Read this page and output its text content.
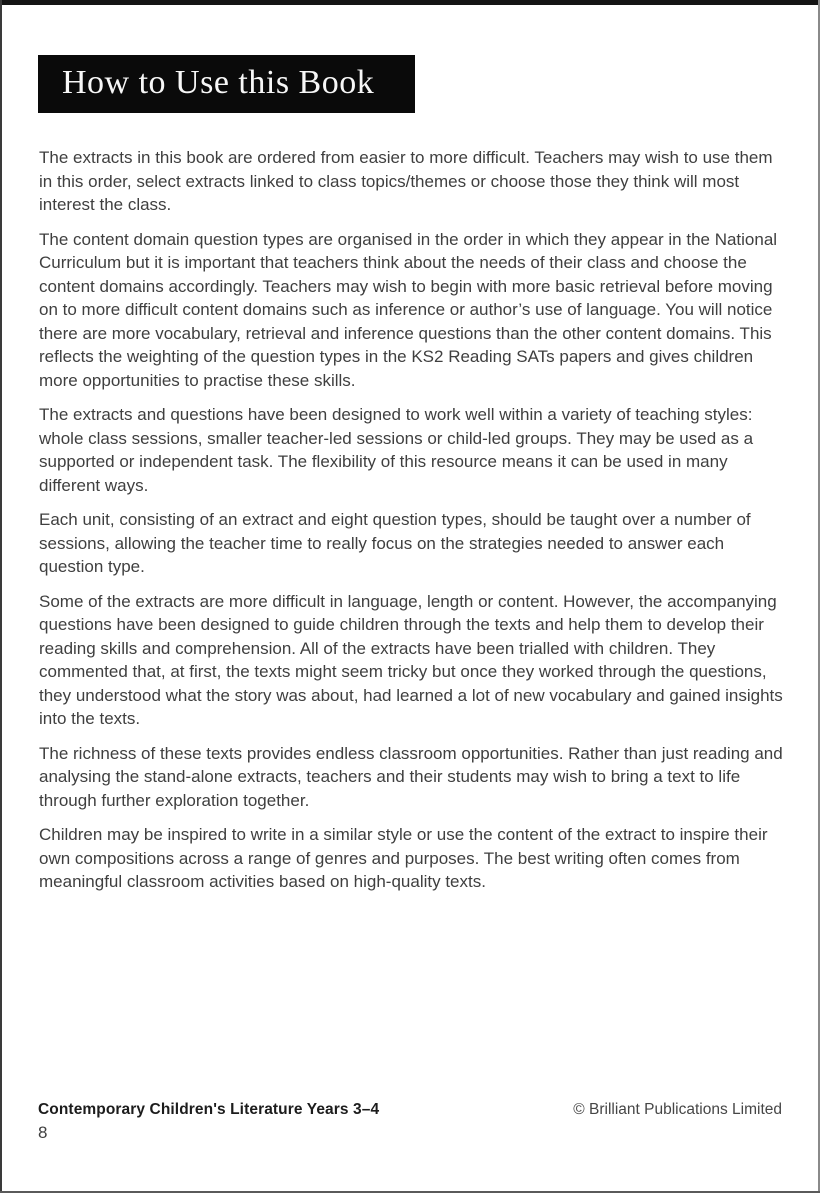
How to Use this Book

The extracts in this book are ordered from easier to more difficult. Teachers may wish to use them in this order, select extracts linked to class topics/themes or choose those they think will most interest the class.

The content domain question types are organised in the order in which they appear in the National Curriculum but it is important that teachers think about the needs of their class and choose the content domains accordingly. Teachers may wish to begin with more basic retrieval before moving on to more difficult content domains such as inference or author’s use of language. You will notice there are more vocabulary, retrieval and inference questions than the other content domains. This reflects the weighting of the question types in the KS2 Reading SATs papers and gives children more opportunities to practise these skills.

The extracts and questions have been designed to work well within a variety of teaching styles: whole class sessions, smaller teacher-led sessions or child-led groups. They may be used as a supported or independent task. The flexibility of this resource means it can be used in many different ways.

Each unit, consisting of an extract and eight question types, should be taught over a number of sessions, allowing the teacher time to really focus on the strategies needed to answer each question type.

Some of the extracts are more difficult in language, length or content. However, the accompanying questions have been designed to guide children through the texts and help them to develop their reading skills and comprehension. All of the extracts have been trialled with children. They commented that, at first, the texts might seem tricky but once they worked through the questions, they understood what the story was about, had learned a lot of new vocabulary and gained insights into the texts.

The richness of these texts provides endless classroom opportunities. Rather than just reading and analysing the stand-alone extracts, teachers and their students may wish to bring a text to life through further exploration together.

Children may be inspired to write in a similar style or use the content of the extract to inspire their own compositions across a range of genres and purposes. The best writing often comes from meaningful classroom activities based on high-quality texts.

Contemporary Children's Literature Years 3–4	© Brilliant Publications Limited
8
